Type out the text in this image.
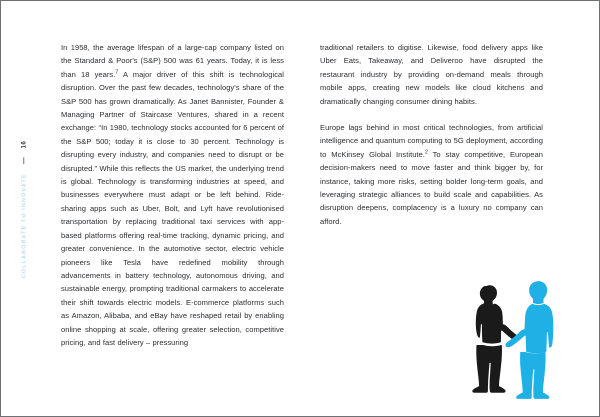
COLLABORATE TO INNOVATE
16

In 1958, the average lifespan of a large-cap company listed on the Standard & Poor's (S&P) 500 was 61 years. Today, it is less than 18 years.$^7$ A major driver of this shift is technological disruption. Over the past few decades, technology's share of the S&P 500 has grown dramatically. As Janet Bannister, Founder & Managing Partner of Staircase Ventures, shared in a recent exchange: “In 1980, technology stocks accounted for 6 percent of the S&P 500; today it is close to 30 percent. Technology is disrupting every industry, and companies need to disrupt or be disrupted.” While this reflects the US market, the underlying trend is global. Technology is transforming industries at speed, and businesses everywhere must adapt or be left behind. Ride-sharing apps such as Uber, Bolt, and Lyft have revolutionised transportation by replacing traditional taxi services with app-based platforms offering real-time tracking, dynamic pricing, and greater convenience. In the automotive sector, electric vehicle pioneers like Tesla have redefined mobility through advancements in battery technology, autonomous driving, and sustainable energy, prompting traditional carmakers to accelerate their shift towards electric models. E-commerce platforms such as Amazon, Alibaba, and eBay have reshaped retail by enabling online shopping at scale, offering greater selection, competitive pricing, and fast delivery – pressuring

traditional retailers to digitise. Likewise, food delivery apps like Uber Eats, Takeaway, and Deliveroo have disrupted the restaurant industry by providing on-demand meals through mobile apps, creating new models like cloud kitchens and dramatically changing consumer dining habits.

Europe lags behind in most critical technologies, from artificial intelligence and quantum computing to 5G deployment, according to McKinsey Global Institute.$^2$ To stay competitive, European decision-makers need to move faster and think bigger by, for instance, taking more risks, setting bolder long-term goals, and leveraging strategic alliances to build scale and capabilities. As disruption deepens, complacency is a luxury no company can afford.
